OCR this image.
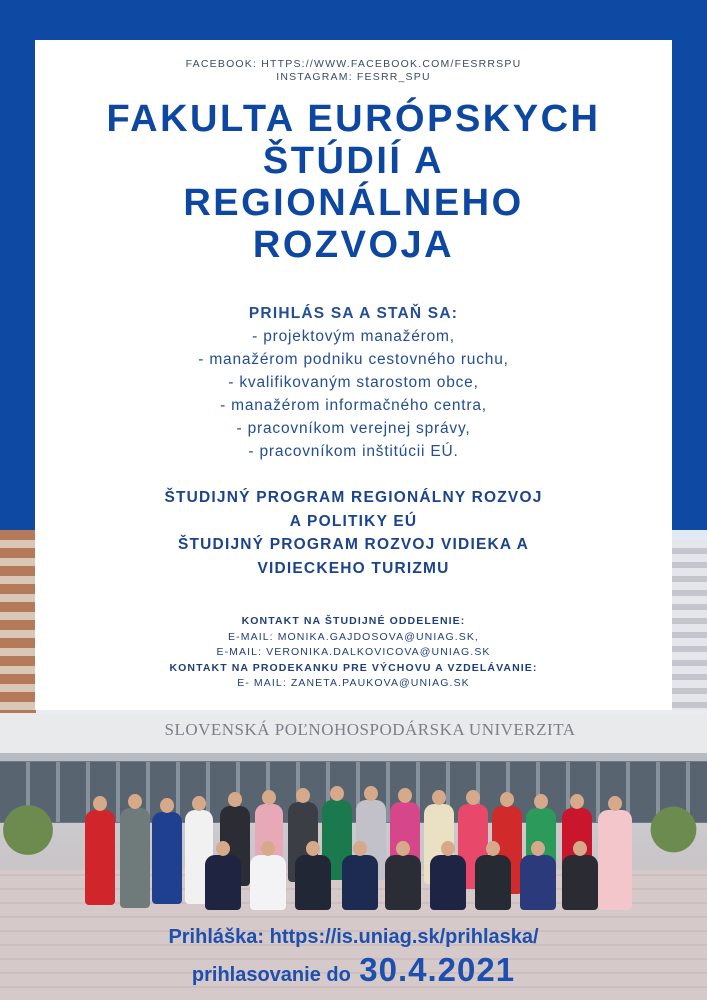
SLOVENSKÁ POĽNOHOSPODÁRSKA UNIVERZITA
FACEBOOK: HTTPS://WWW.FACEBOOK.COM/FESRRSPU
INSTAGRAM: FESRR_SPU
FAKULTA EURÓPSKYCH
ŠTÚDIÍ A
REGIONÁLNEHO
ROZVOJA
PRIHLÁS SA A STAŇ SA:
- projektovým manažérom,
- manažérom podniku cestovného ruchu,
- kvalifikovaným starostom obce,
- manažérom informačného centra,
- pracovníkom verejnej správy,
- pracovníkom inštitúcii EÚ.
ŠTUDIJNÝ PROGRAM REGIONÁLNY ROZVOJ
A POLITIKY EÚ
ŠTUDIJNÝ PROGRAM ROZVOJ VIDIEKA A
VIDIECKEHO TURIZMU
KONTAKT NA ŠTUDIJNÉ ODDELENIE:
E-MAIL: MONIKA.GAJDOSOVA@UNIAG.SK,
E-MAIL: VERONIKA.DALKOVICOVA@UNIAG.SK
KONTAKT NA PRODEKANKU PRE VÝCHOVU A VZDELÁVANIE:
E- MAIL: ZANETA.PAUKOVA@UNIAG.SK
Prihláška: https://is.uniag.sk/prihlaska/
prihlasovanie do 30.4.2021
